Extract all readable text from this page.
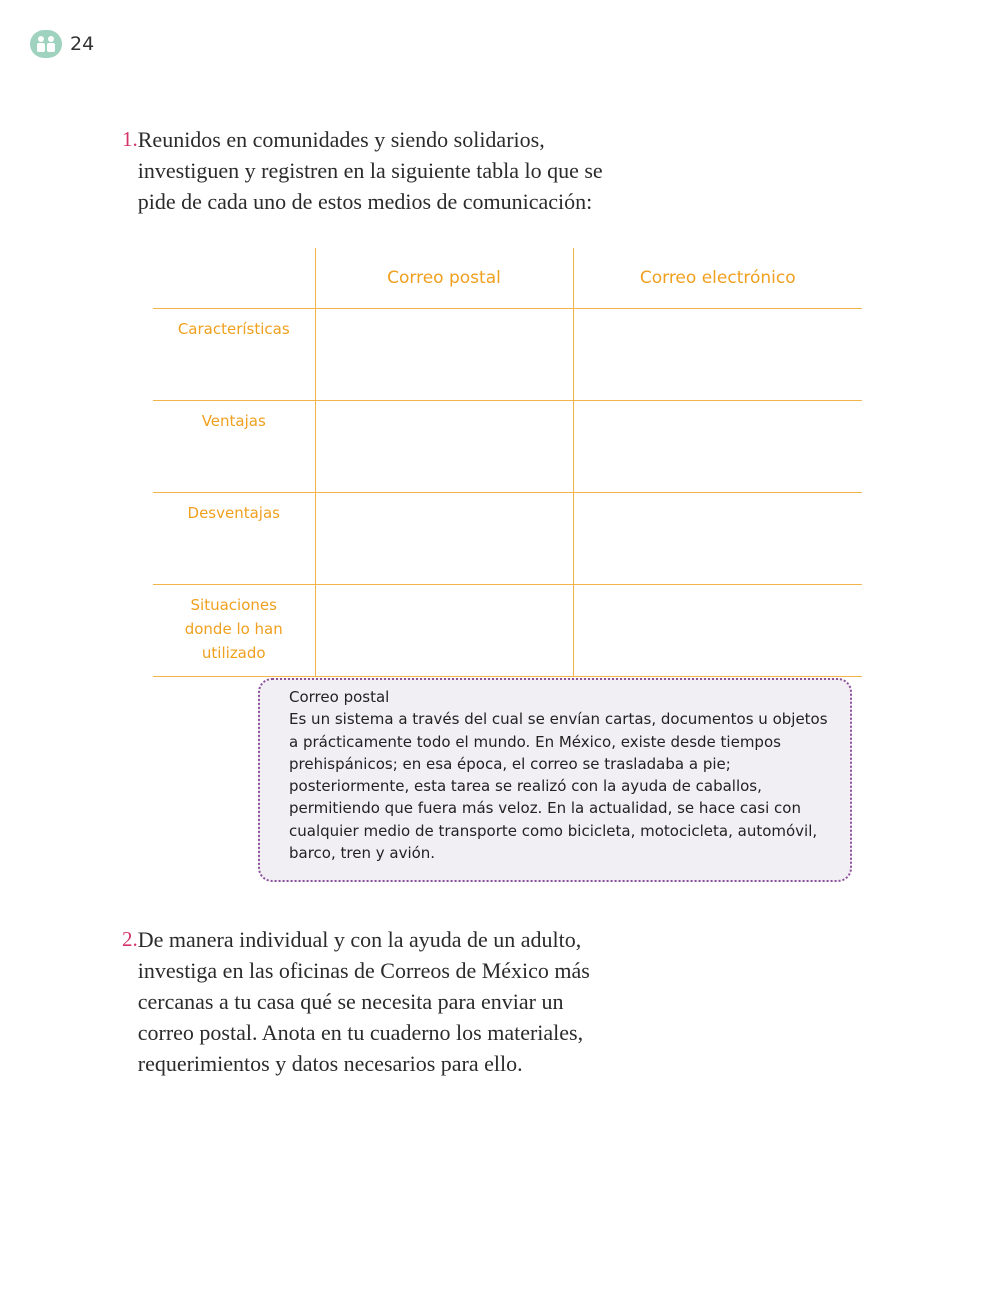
24
1. Reunidos en comunidades y siendo solidarios, investiguen y registren en la siguiente tabla lo que se pide de cada uno de estos medios de comunicación:
	Correo postal	Correo electrónico
Características		
Ventajas		
Desventajas		
Situaciones donde lo han utilizado		
Correo postal
Es un sistema a través del cual se envían cartas, documentos u objetos a prácticamente todo el mundo. En México, existe desde tiempos prehispánicos; en esa época, el correo se trasladaba a pie; posteriormente, esta tarea se realizó con la ayuda de caballos, permitiendo que fuera más veloz. En la actualidad, se hace casi con cualquier medio de transporte como bicicleta, motocicleta, automóvil, barco, tren y avión.
2. De manera individual y con la ayuda de un adulto, investiga en las oficinas de Correos de México más cercanas a tu casa qué se necesita para enviar un correo postal. Anota en tu cuaderno los materiales, requerimientos y datos necesarios para ello.
